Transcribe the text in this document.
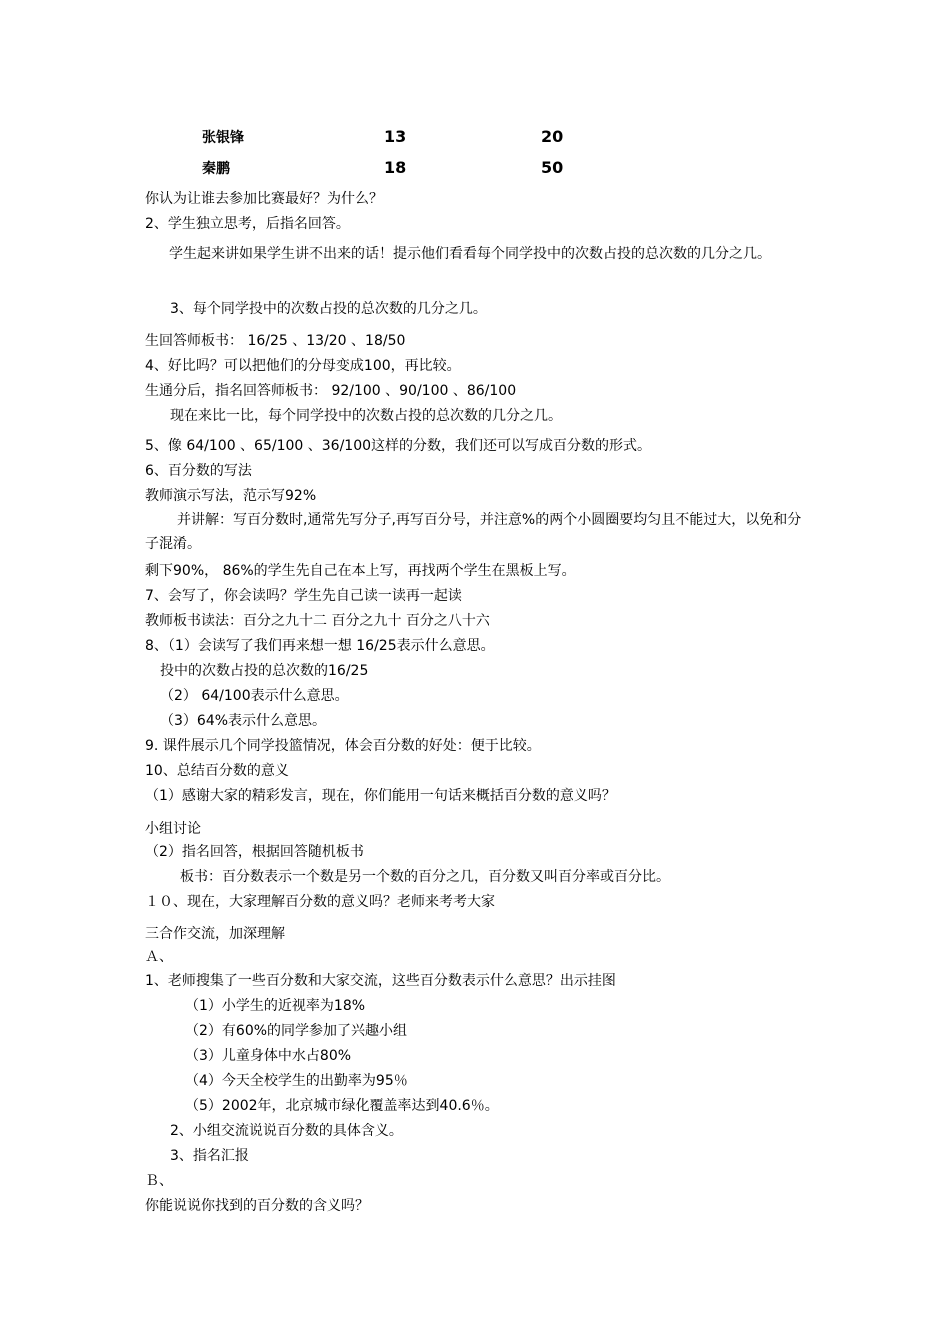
张银锋	13	20
秦鹏	18	50
你认为让谁去参加比赛最好？为什么？
2、学生独立思考，后指名回答。
学生起来讲如果学生讲不出来的话！提示他们看看每个同学投中的次数占投的总次数的几分之几。
3、每个同学投中的次数占投的总次数的几分之几。
生回答师板书： 16/25 、13/20 、18/50
4、好比吗？可以把他们的分母变成100，再比较。
生通分后，指名回答师板书： 92/100 、90/100 、86/100
现在来比一比，每个同学投中的次数占投的总次数的几分之几。
5、像 64/100 、65/100 、36/100这样的分数，我们还可以写成百分数的形式。
6、百分数的写法
教师演示写法，范示写92%
并讲解：写百分数时,通常先写分子,再写百分号，并注意%的两个小圆圈要均匀且不能过大，以免和分子混淆。
剩下90%， 86%的学生先自己在本上写，再找两个学生在黑板上写。
7、会写了，你会读吗？学生先自己读一读再一起读
教师板书读法：百分之九十二 百分之九十 百分之八十六
8、（1）会读写了我们再来想一想 16/25表示什么意思。
投中的次数占投的总次数的16/25
（2） 64/100表示什么意思。
（3）64%表示什么意思。
9. 课件展示几个同学投篮情况，体会百分数的好处：便于比较。
10、总结百分数的意义
（1）感谢大家的精彩发言，现在，你们能用一句话来概括百分数的意义吗？
小组讨论
（2）指名回答，根据回答随机板书
板书：百分数表示一个数是另一个数的百分之几，百分数又叫百分率或百分比。
１０、现在，大家理解百分数的意义吗？老师来考考大家
三合作交流，加深理解
Ａ、
1、老师搜集了一些百分数和大家交流，这些百分数表示什么意思？出示挂图
（1）小学生的近视率为18%
（2）有60%的同学参加了兴趣小组
（3）儿童身体中水占80%
（4）今天全校学生的出勤率为95％
（5）2002年，北京城市绿化覆盖率达到40.6％。
2、小组交流说说百分数的具体含义。
3、指名汇报
Ｂ、
你能说说你找到的百分数的含义吗？
